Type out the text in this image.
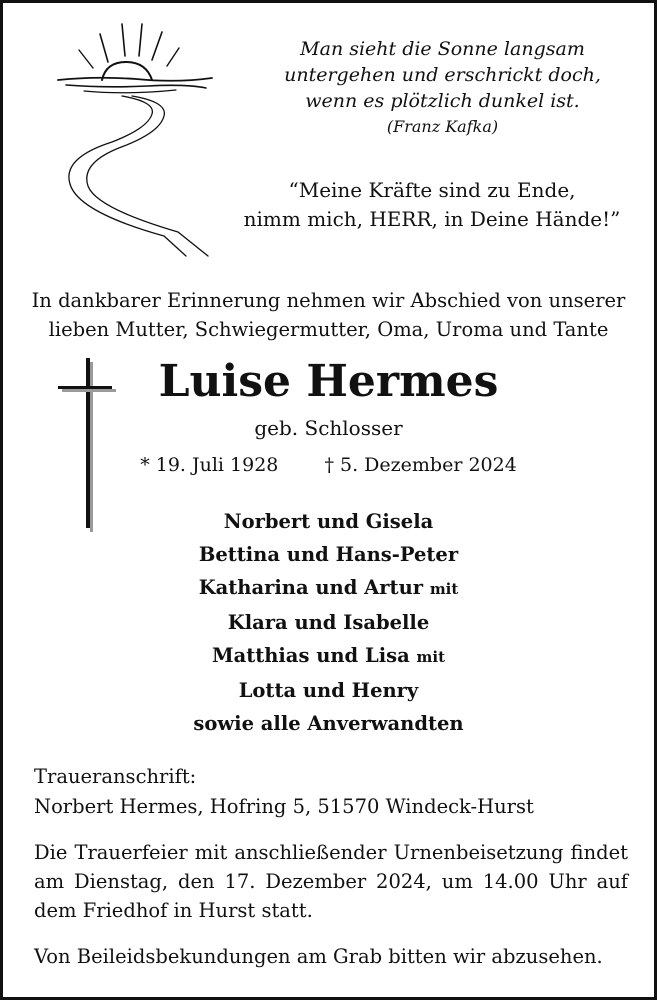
Man sieht die Sonne langsam
untergehen und erschrickt doch,
wenn es plötzlich dunkel ist.
(Franz Kafka)
“Meine Kräfte sind zu Ende,
nimm mich, HERR, in Deine Hände!”
In dankbarer Erinnerung nehmen wir Abschied von unserer
lieben Mutter, Schwiegermutter, Oma, Uroma und Tante
Luise Hermes
geb. Schlosser
* 19. Juli 1928 † 5. Dezember 2024
Norbert und Gisela
Bettina und Hans-Peter
Katharina und Artur mit
Klara und Isabelle
Matthias und Lisa mit
Lotta und Henry
sowie alle Anverwandten
Traueranschrift:
Norbert Hermes, Hofring 5, 51570 Windeck-Hurst
Die Trauerfeier mit anschließender Urnenbeisetzung findet am Dienstag, den 17. Dezember 2024, um 14.00 Uhr auf dem Friedhof in Hurst statt.
Von Beileidsbekundungen am Grab bitten wir abzusehen.
